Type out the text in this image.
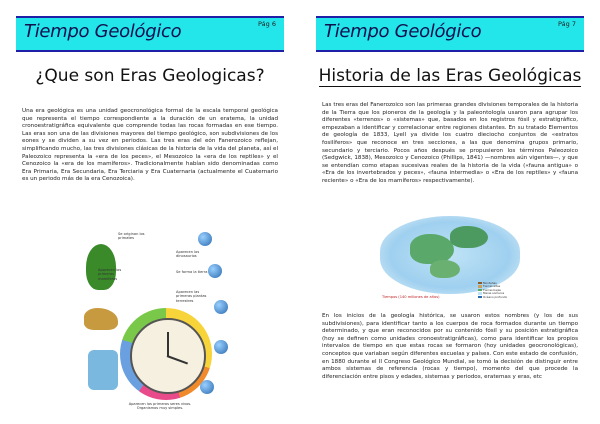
Tiempo Geológico	Pág 6
¿Que son Eras Geologicas?
Una era geológica es una unidad geocronológica formal de la escala temporal geológica que representa el tiempo correspondiente a la duración de un eratema, la unidad cronoestratigráfica equivalente que comprende todas las rocas formadas en ese tiempo. Las eras son una de las divisiones mayores del tiempo geológico, son subdivisiones de los eones y se dividen a su vez en periodos. Las tres eras del eón Fanerozoico reflejan, simplificando mucho, las tres divisiones clásicas de la historia de la vida del planeta, así el Paleozoico representa la «era de los peces», el Mesozoico la «era de los reptiles» y el Cenozoico la «era de los mamíferos». Tradicionalmente habían sido denominadas como Era Primaria, Era Secundaria, Era Terciaria y Era Cuaternaria (actualmente el Cuaternario es un periodo más de la era Cenozoica).
Se originan los primates
Aparecen los primeros mamíferos
Aparecen los dinosaurios
Se forma la tierra
Aparecen las primeras plantas terrestres
Aparecen los primeros seres vivos. Organismos muy simples.
Tiempo Geológico	Pág 7
Historia de las Eras Geológicas
Las tres eras del Fanerozoico son las primeras grandes divisiones temporales de la historia de la Tierra que los pioneros de la geología y la paleontología usaron para agrupar los diferentes «terrenos» o «sistemas» que, basados en los registros fósil y estratigráfico, empezaban a identificar y correlacionar entre regiones distantes. En su tratado Elementos de geología de 1833, Lyell ya divide los cuatro dieciocho conjuntos de «estratos fosilíferos» que reconoce en tres secciones, a las que denomina grupos primario, secundario y terciario. Pocos años después se propusieron los términos Paleozoico (Sedgwick, 1838), Mesozoico y Cenozoico (Phillips, 1841) —nombres aún vigentes—, y que se entendían como etapas sucesivas reales de la historia de la vida («fauna antigua» o «Era de los invertebrados y peces», «fauna intermedia» o «Era de los reptiles» y «fauna reciente» o «Era de los mamíferos» respectivamente).
En los inicios de la geología histórica, se usaron estos nombres (y los de sus subdivisiones), para identificar tanto a los cuerpos de roca formados durante un tiempo determinado, y que eran reconocidos por su contenido fósil y su posición estratigráfica (hoy se definen como unidades cronoestratigráficas), como para identificar los propios intervalos de tiempo en que estas rocas se formaron (hoy unidades geocronológicas), conceptos que variaban según diferentes escuelas y países. Con este estado de confusión, en 1880 durante el II Congreso Geológico Mundial, se tomó la decisión de distinguir entre ambos sistemas de referencia (rocas y tiempo), momento del que procede la diferenciación entre pisos y edades, sistemas y periodos, eratemas y eras, etc
Tiempos (140 millones de años)
Montañas
Tierras altas
Tierras bajas
Mares someros
Océano profundo
